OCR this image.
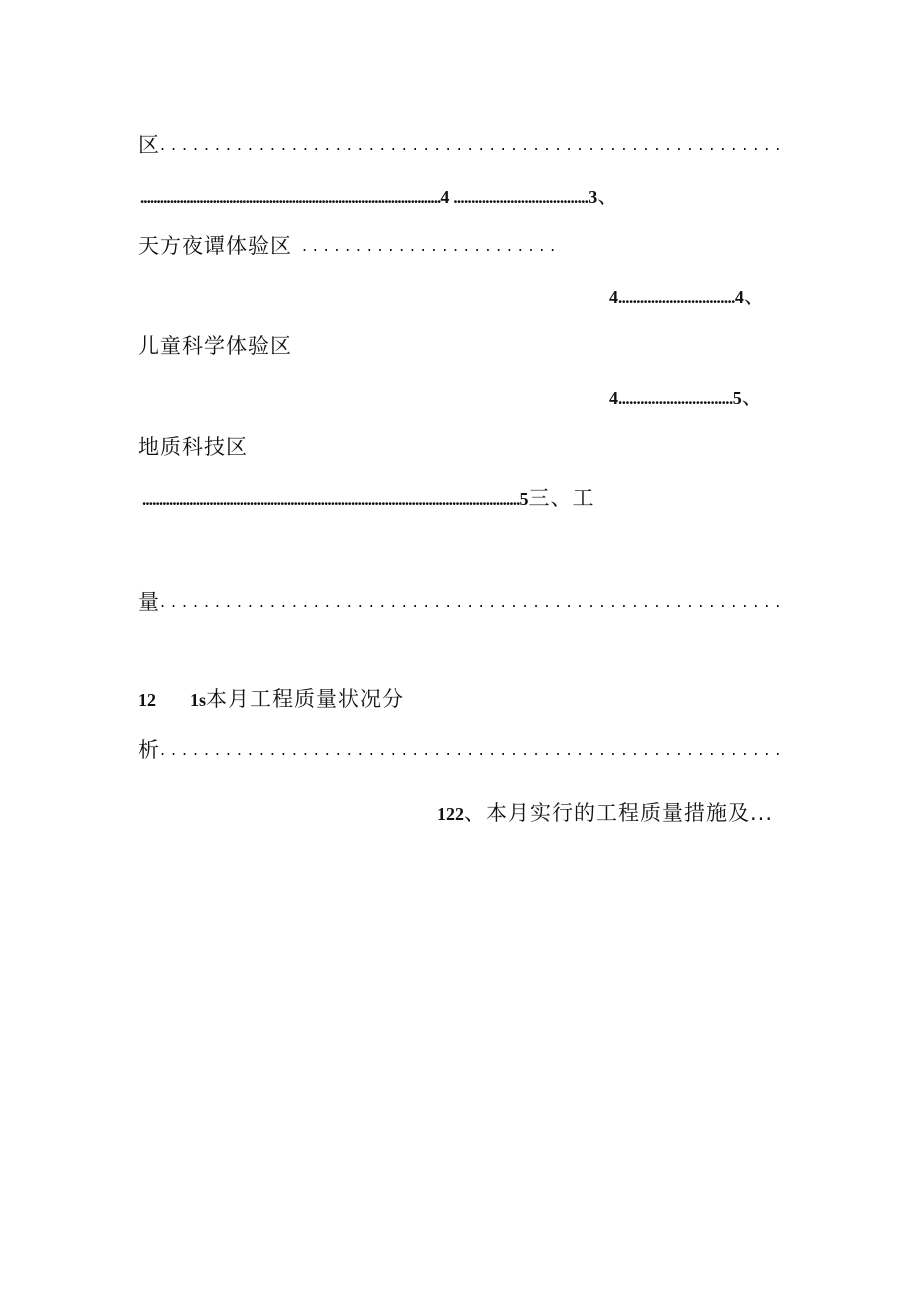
区.........................................................
...........................................................................................4 ......................................3、
天方夜谭体验区 ........................
4................................4、
儿童科学体验区
4...............................5、
地质科技区
................................................................................................................5三、工
量.........................................................
12 1s本月工程质量状况分
析.........................................................
122、本月实行的工程质量措施及...
